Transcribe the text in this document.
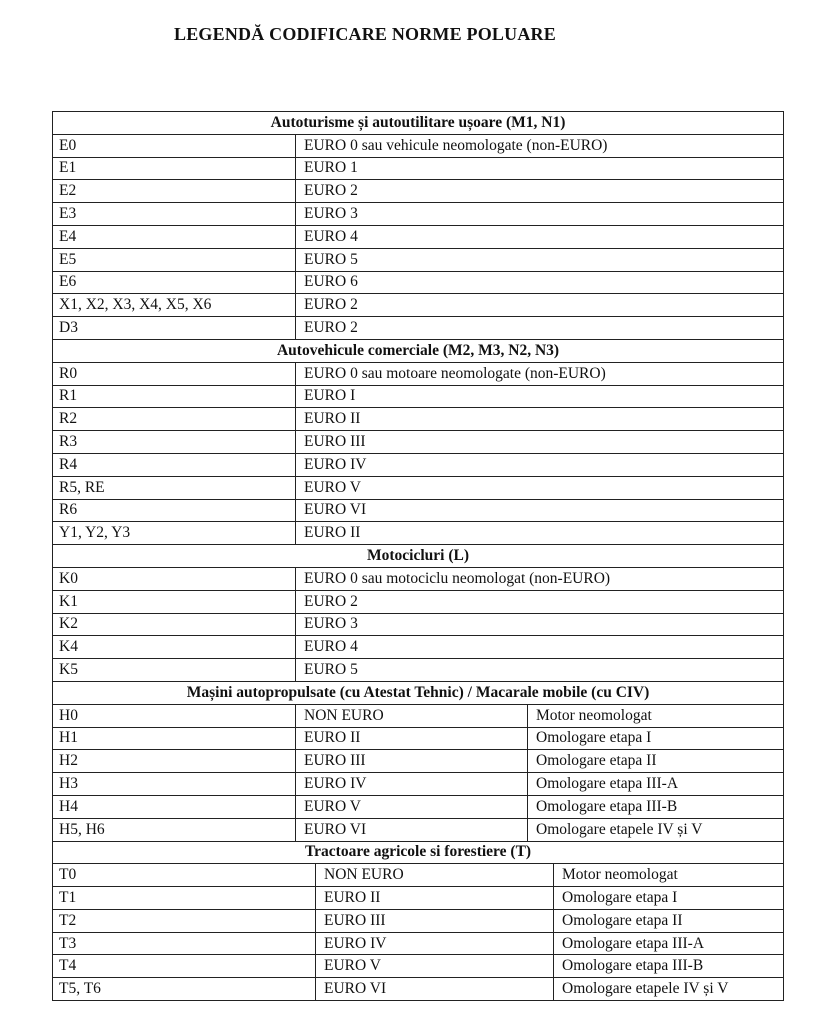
LEGENDĂ CODIFICARE NORME POLUARE
Autoturisme și autoutilitare ușoare (M1, N1)				
E0	EURO 0 sau vehicule neomologate (non-EURO)			
E1	EURO 1			
E2	EURO 2			
E3	EURO 3			
E4	EURO 4			
E5	EURO 5			
E6	EURO 6			
X1, X2, X3, X4, X5, X6	EURO 2			
D3	EURO 2			
Autovehicule comerciale (M2, M3, N2, N3)				
R0	EURO 0 sau motoare neomologate (non-EURO)			
R1	EURO I			
R2	EURO II			
R3	EURO III			
R4	EURO IV			
R5, RE	EURO V			
R6	EURO VI			
Y1, Y2, Y3	EURO II			
Motocicluri (L)				
K0	EURO 0 sau motociclu neomologat (non-EURO)			
K1	EURO 2			
K2	EURO 3			
K4	EURO 4			
K5	EURO 5			
Mașini autopropulsate (cu Atestat Tehnic) / Macarale mobile (cu CIV)				
H0	NON EURO		Motor neomologat	
H1	EURO II		Omologare etapa I	
H2	EURO III		Omologare etapa II	
H3	EURO IV		Omologare etapa III-A	
H4	EURO V		Omologare etapa III-B	
H5, H6	EURO VI		Omologare etapele IV și V	
Tractoare agricole si forestiere (T)				
T0		NON EURO		Motor neomologat
T1		EURO II		Omologare etapa I
T2		EURO III		Omologare etapa II
T3		EURO IV		Omologare etapa III-A
T4		EURO V		Omologare etapa III-B
T5, T6		EURO VI		Omologare etapele IV și V
